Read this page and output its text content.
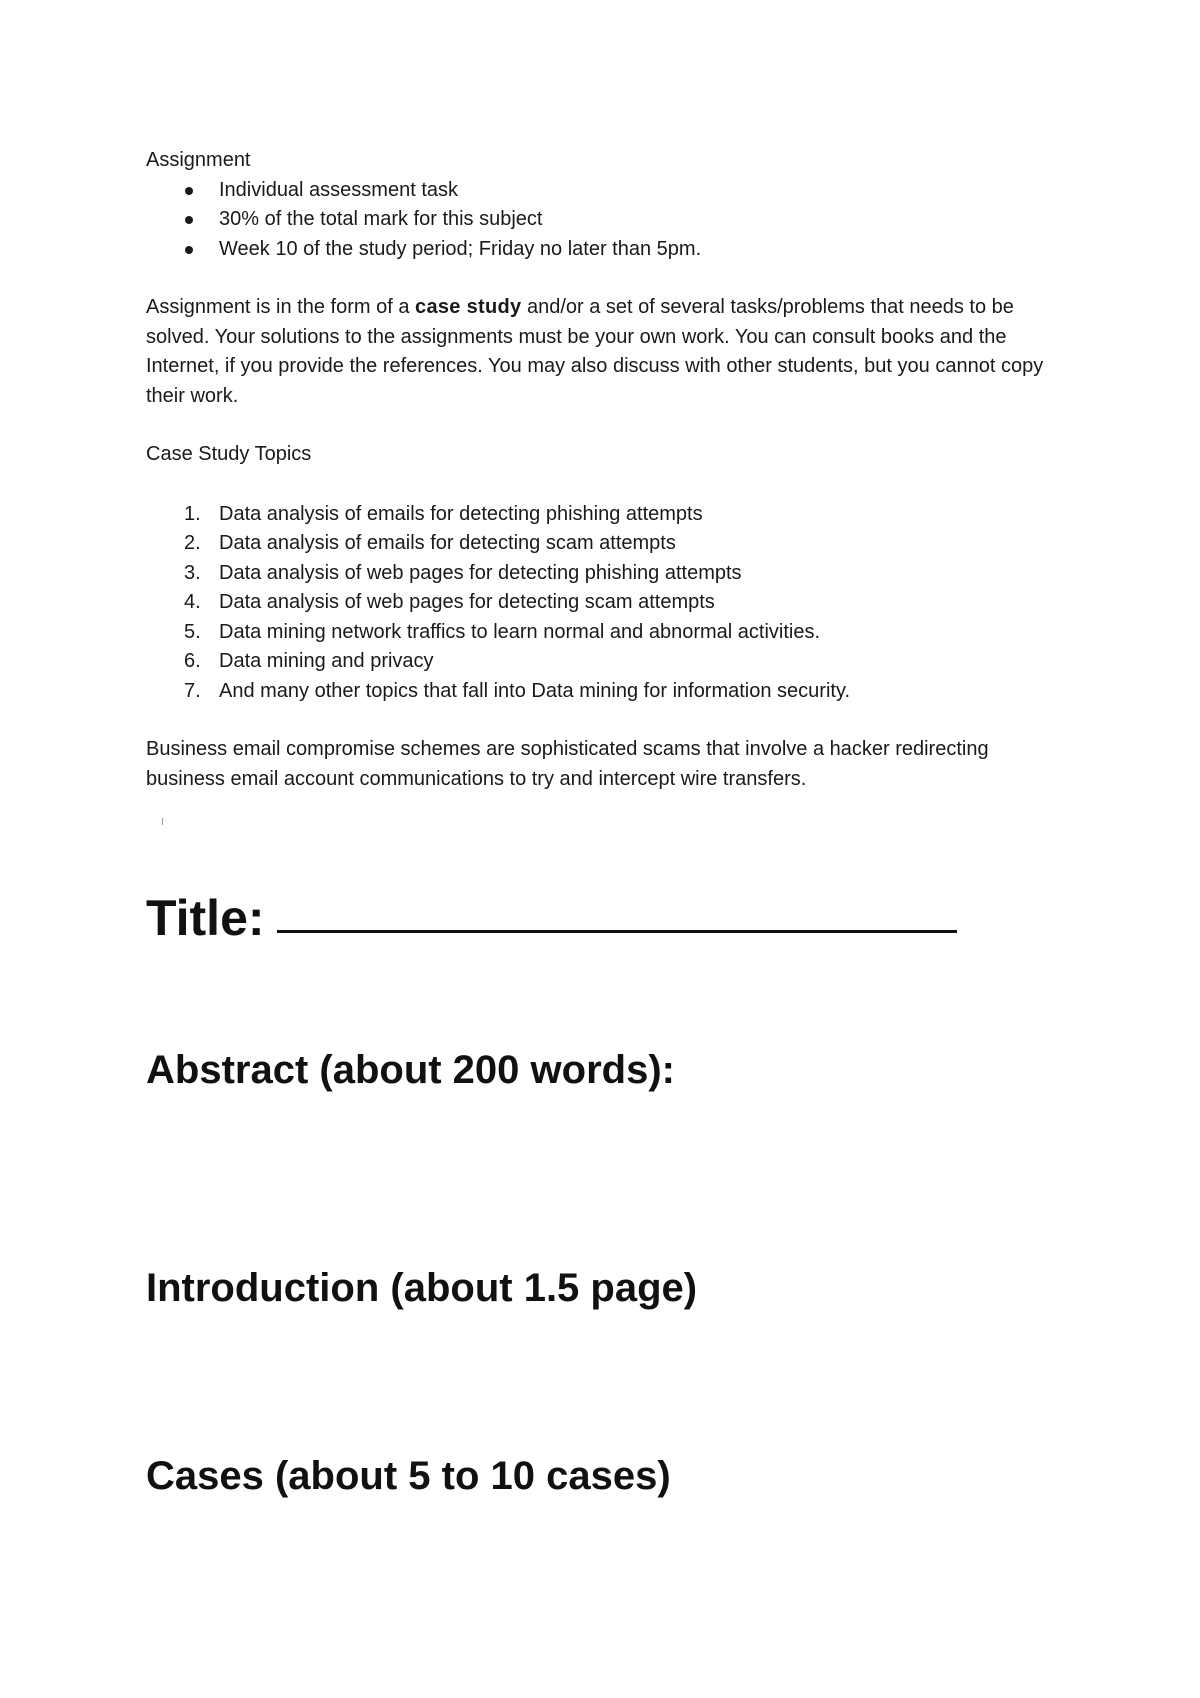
Assignment

Individual assessment task
30% of the total mark for this subject
Week 10 of the study period; Friday no later than 5pm.

Assignment is in the form of a case study and/or a set of several tasks/problems that needs to be solved. Your solutions to the assignments must be your own work. You can consult books and the Internet, if you provide the references. You may also discuss with other students, but you cannot copy their work.

Case Study Topics

1. Data analysis of emails for detecting phishing attempts
2. Data analysis of emails for detecting scam attempts
3. Data analysis of web pages for detecting phishing attempts
4. Data analysis of web pages for detecting scam attempts
5. Data mining network traffics to learn normal and abnormal activities.
6. Data mining and privacy
7. And many other topics that fall into Data mining for information security.

Business email compromise schemes are sophisticated scams that involve a hacker redirecting business email account communications to try and intercept wire transfers.

Title:
Abstract (about 200 words):
Introduction (about 1.5 page)
Cases (about 5 to 10 cases)
